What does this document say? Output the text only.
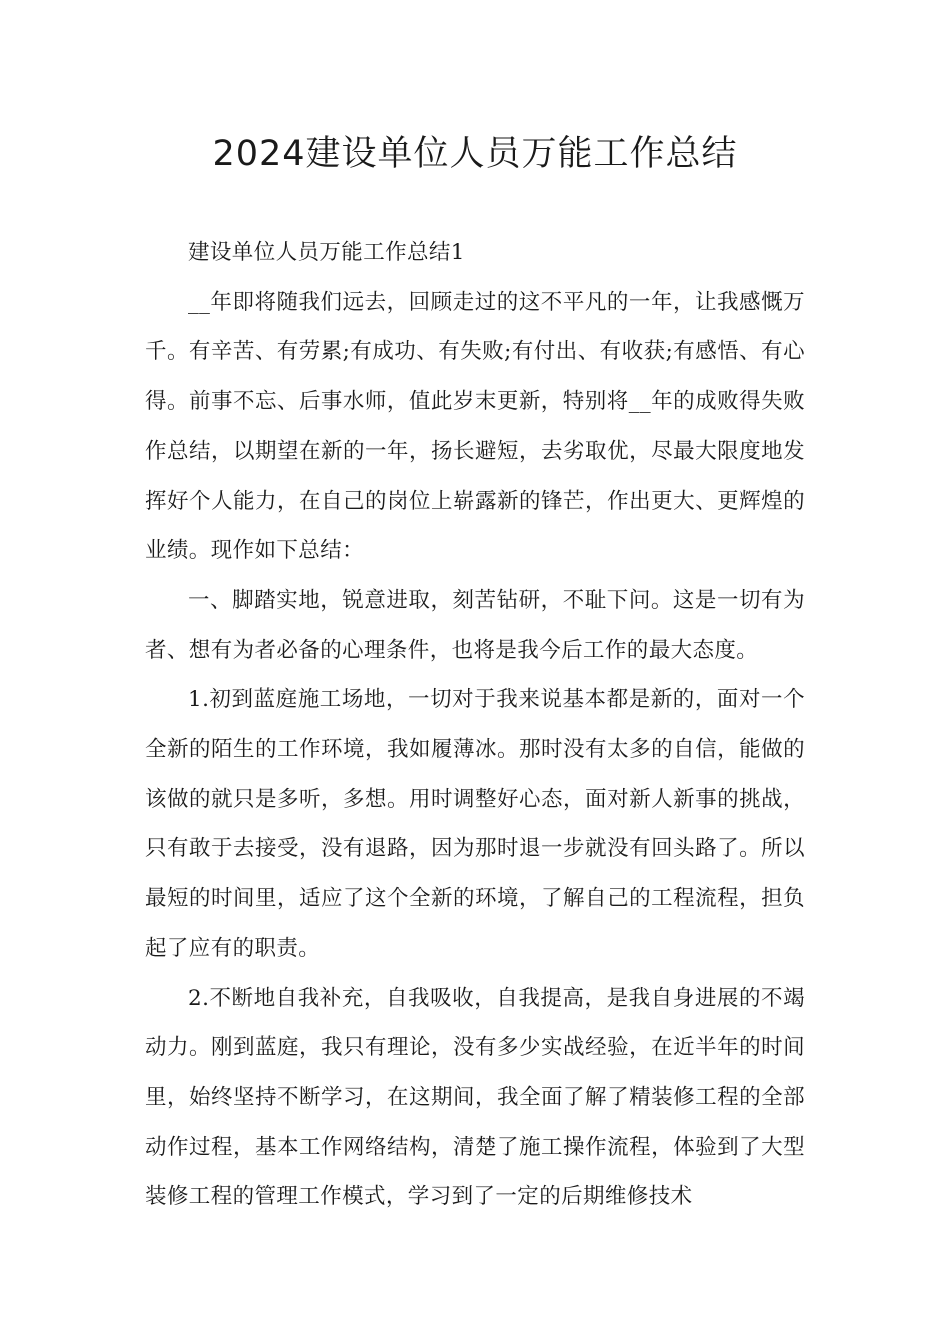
2024建设单位人员万能工作总结

建设单位人员万能工作总结1

__年即将随我们远去，回顾走过的这不平凡的一年，让我感慨万千。有辛苦、有劳累;有成功、有失败;有付出、有收获;有感悟、有心得。前事不忘、后事水师，值此岁末更新，特别将__年的成败得失败作总结，以期望在新的一年，扬长避短，去劣取优，尽最大限度地发挥好个人能力，在自己的岗位上崭露新的锋芒，作出更大、更辉煌的业绩。现作如下总结：

一、脚踏实地，锐意进取，刻苦钻研，不耻下问。这是一切有为者、想有为者必备的心理条件，也将是我今后工作的最大态度。

1.初到蓝庭施工场地，一切对于我来说基本都是新的，面对一个全新的陌生的工作环境，我如履薄冰。那时没有太多的自信，能做的该做的就只是多听，多想。用时调整好心态，面对新人新事的挑战，只有敢于去接受，没有退路，因为那时退一步就没有回头路了。所以最短的时间里，适应了这个全新的环境，了解自己的工程流程，担负起了应有的职责。

2.不断地自我补充，自我吸收，自我提高，是我自身进展的不竭动力。刚到蓝庭，我只有理论，没有多少实战经验，在近半年的时间里，始终坚持不断学习，在这期间，我全面了解了精装修工程的全部动作过程，基本工作网络结构，清楚了施工操作流程，体验到了大型装修工程的管理工作模式，学习到了一定的后期维修技术
